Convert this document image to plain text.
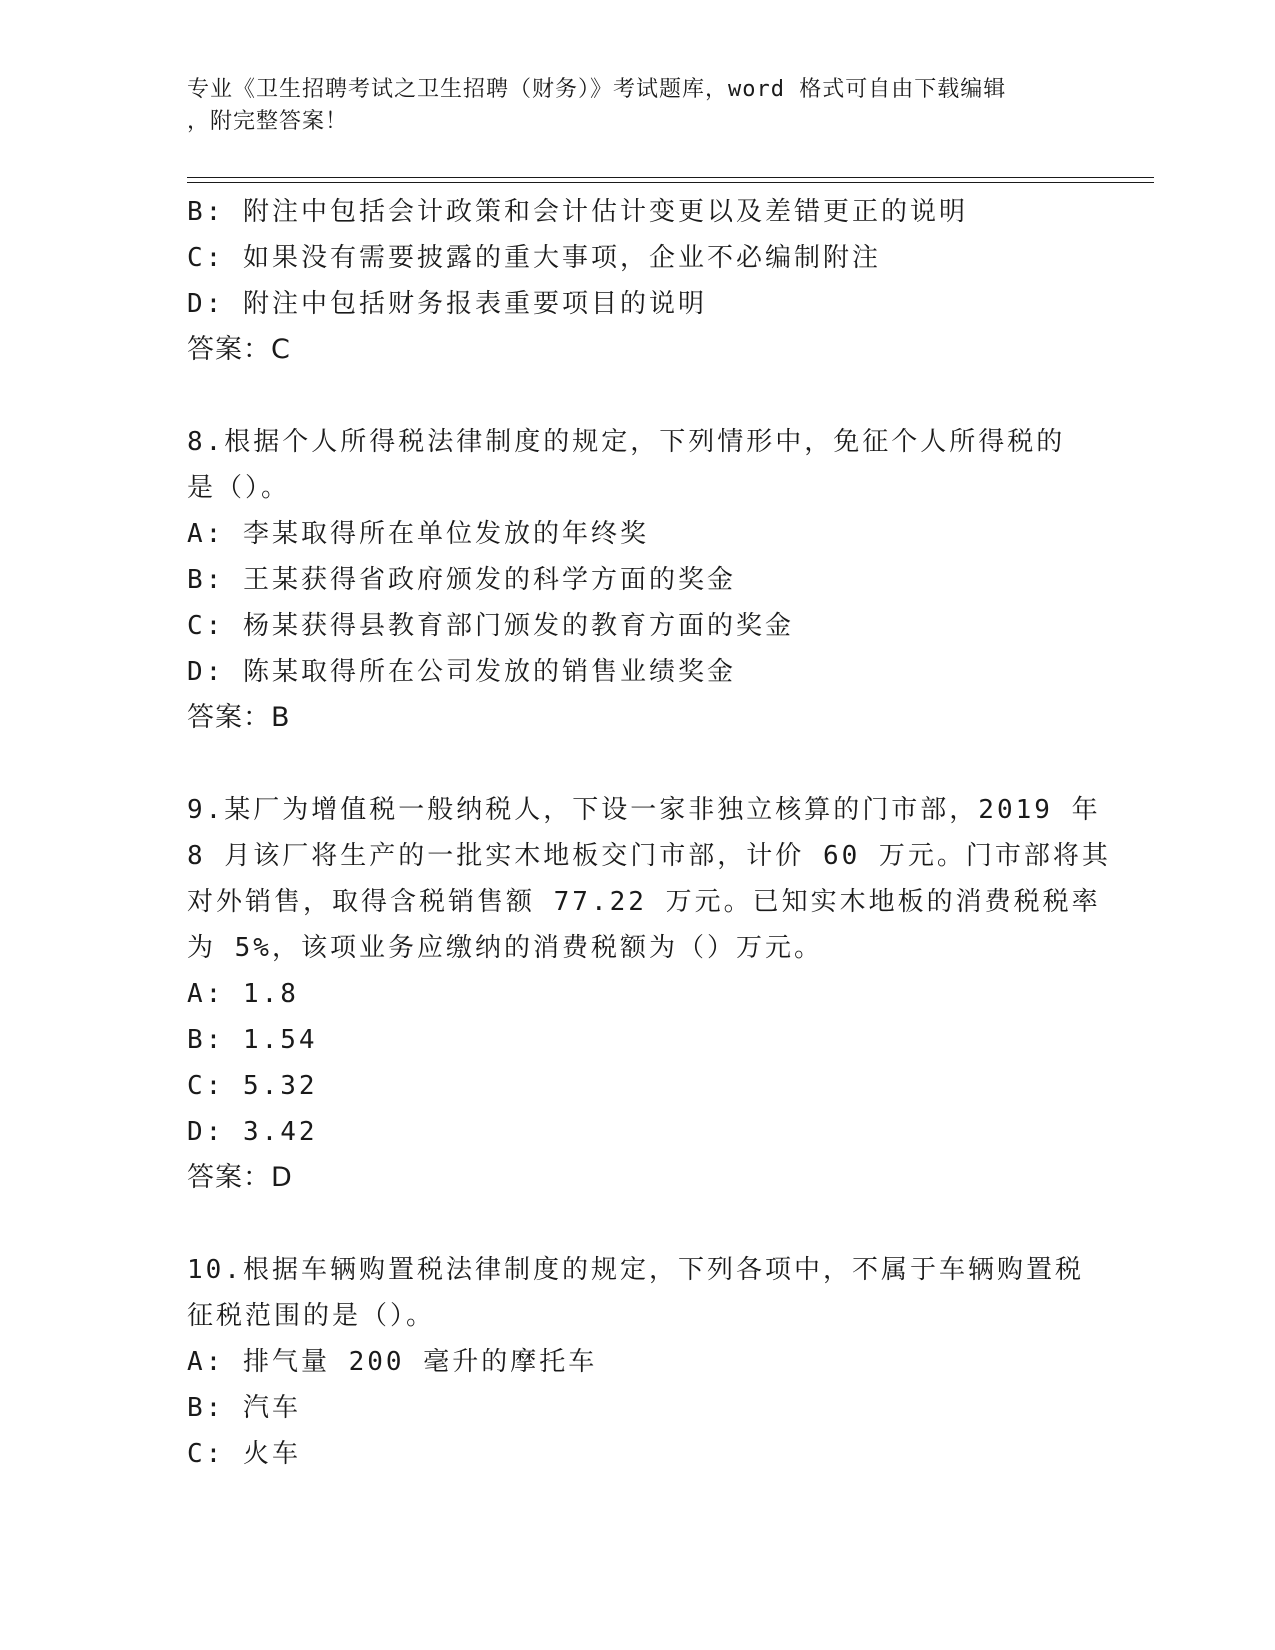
专业《卫生招聘考试之卫生招聘（财务）》考试题库，word 格式可自由下载编辑
，附完整答案！
B: 附注中包括会计政策和会计估计变更以及差错更正的说明
C: 如果没有需要披露的重大事项，企业不必编制附注
D: 附注中包括财务报表重要项目的说明
答案：C
8.根据个人所得税法律制度的规定，下列情形中，免征个人所得税的
是（）。
A: 李某取得所在单位发放的年终奖
B: 王某获得省政府颁发的科学方面的奖金
C: 杨某获得县教育部门颁发的教育方面的奖金
D: 陈某取得所在公司发放的销售业绩奖金
答案：B
9.某厂为增值税一般纳税人，下设一家非独立核算的门市部，2019 年
8 月该厂将生产的一批实木地板交门市部，计价 60 万元。门市部将其
对外销售，取得含税销售额 77.22 万元。已知实木地板的消费税税率
为 5%，该项业务应缴纳的消费税额为（）万元。
A: 1.8
B: 1.54
C: 5.32
D: 3.42
答案：D
10.根据车辆购置税法律制度的规定，下列各项中，不属于车辆购置税
征税范围的是（）。
A: 排气量 200 毫升的摩托车
B: 汽车
C: 火车
